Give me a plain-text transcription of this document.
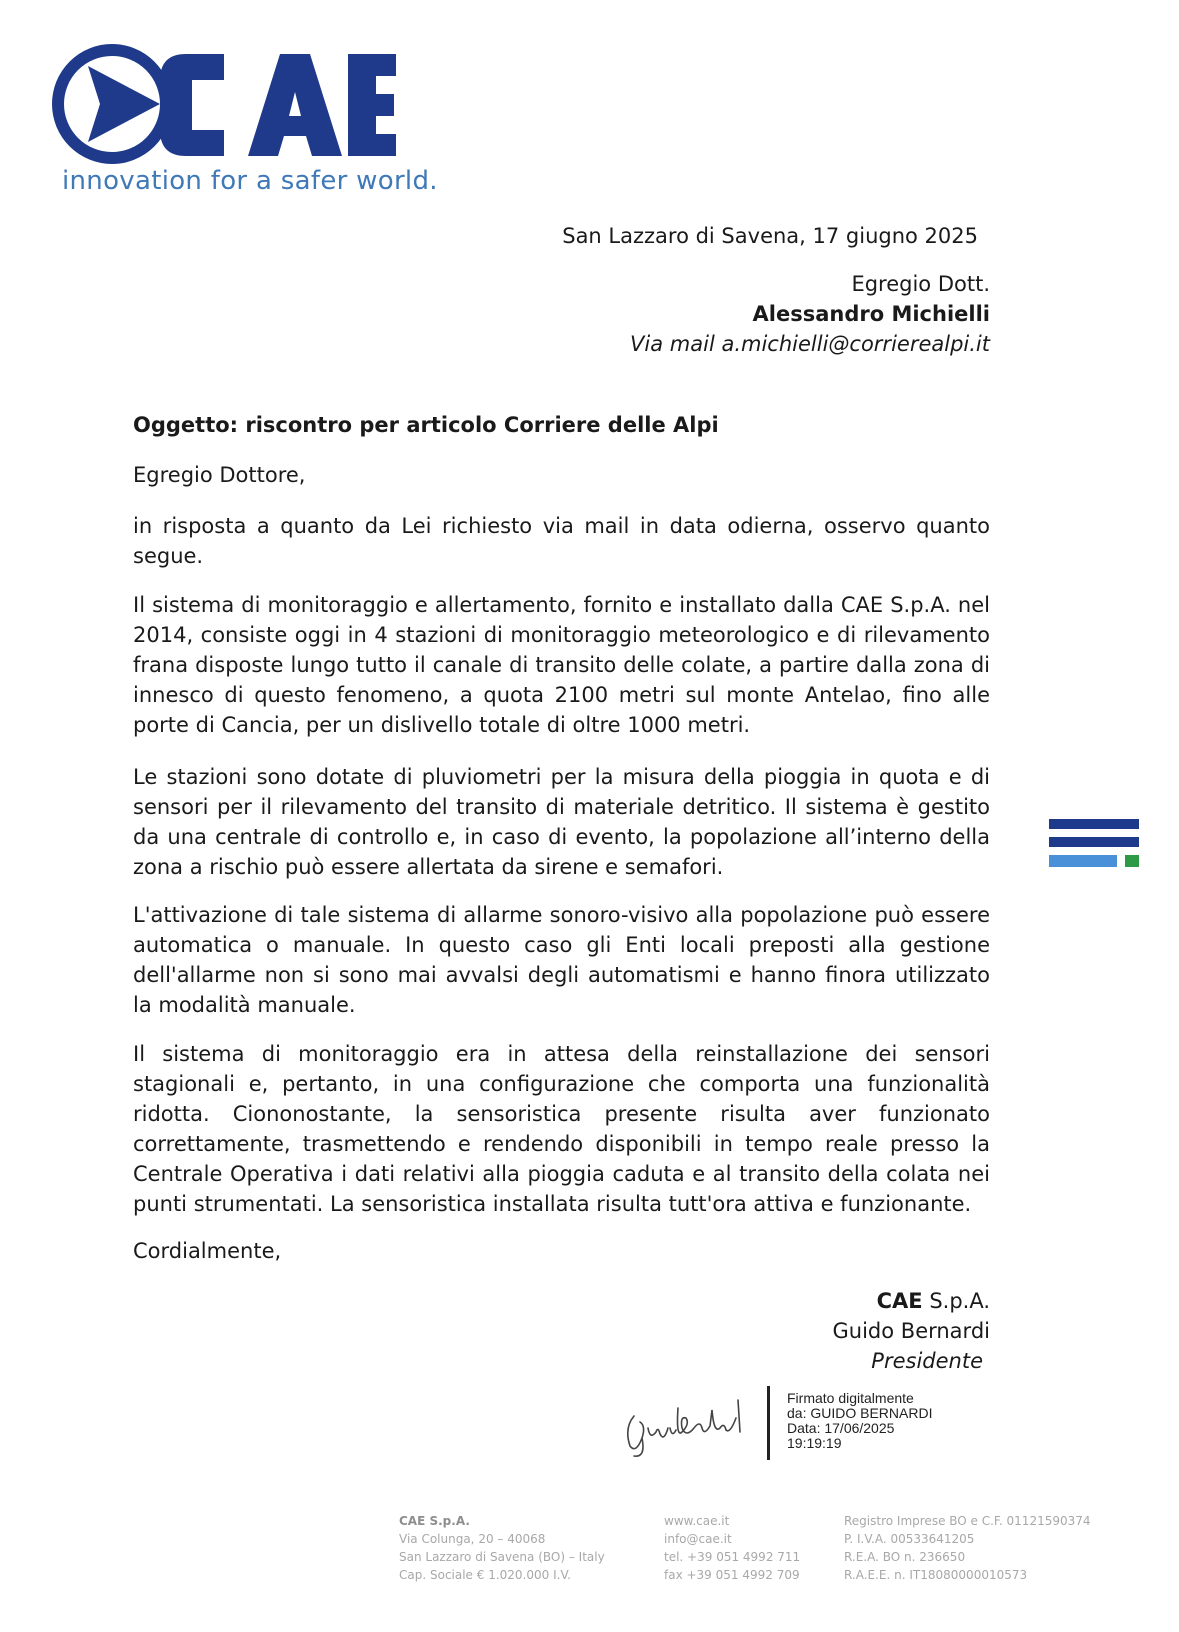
innovation for a safer world.
San Lazzaro di Savena, 17 giugno 2025
Egregio Dott.
Alessandro Michielli
Via mail a.michielli@corrierealpi.it
Oggetto: riscontro per articolo Corriere delle Alpi
Egregio Dottore,
in risposta a quanto da Lei richiesto via mail in data odierna, osservo quanto segue.
Il sistema di monitoraggio e allertamento, fornito e installato dalla CAE S.p.A. nel 2014, consiste oggi in 4 stazioni di monitoraggio meteorologico e di rilevamento frana disposte lungo tutto il canale di transito delle colate, a partire dalla zona di innesco di questo fenomeno, a quota 2100 metri sul monte Antelao, fino alle porte di Cancia, per un dislivello totale di oltre 1000 metri.
Le stazioni sono dotate di pluviometri per la misura della pioggia in quota e di sensori per il rilevamento del transito di materiale detritico. Il sistema è gestito da una centrale di controllo e, in caso di evento, la popolazione all’interno della zona a rischio può essere allertata da sirene e semafori.
L'attivazione di tale sistema di allarme sonoro-visivo alla popolazione può essere automatica o manuale. In questo caso gli Enti locali preposti alla gestione dell'allarme non si sono mai avvalsi degli automatismi e hanno finora utilizzato la modalità manuale.
Il sistema di monitoraggio era in attesa della reinstallazione dei sensori stagionali e, pertanto, in una configurazione che comporta una funzionalità ridotta. Ciononostante, la sensoristica presente risulta aver funzionato correttamente, trasmettendo e rendendo disponibili in tempo reale presso la Centrale Operativa i dati relativi alla pioggia caduta e al transito della colata nei punti strumentati. La sensoristica installata risulta tutt'ora attiva e funzionante.
Cordialmente,
CAE S.p.A.
Guido Bernardi
Presidente
Firmato digitalmente
da: GUIDO BERNARDI
Data: 17/06/2025
19:19:19
CAE S.p.A.
Via Colunga, 20 – 40068
San Lazzaro di Savena (BO) – Italy
Cap. Sociale € 1.020.000 I.V.
www.cae.it
info@cae.it
tel. +39 051 4992 711
fax +39 051 4992 709
Registro Imprese BO e C.F. 01121590374
P. I.V.A. 00533641205
R.E.A. BO n. 236650
R.A.E.E. n. IT18080000010573
